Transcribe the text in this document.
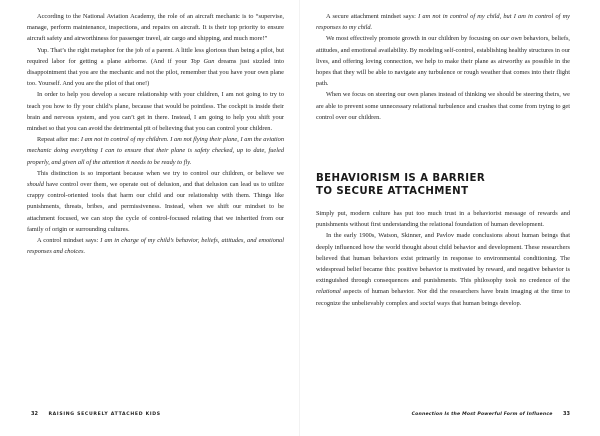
According to the National Aviation Academy, the role of an aircraft mechanic is to “supervise, manage, perform maintenance, inspections, and repairs on aircraft. It is their top priority to ensure aircraft safety and airworthiness for passenger travel, air cargo and shipping, and much more!”

Yup. That’s the right metaphor for the job of a parent. A little less glorious than being a pilot, but required labor for getting a plane airborne. (And if your Top Gun dreams just sizzled into disappointment that you are the mechanic and not the pilot, remember that you have your own plane too. Yourself. And you are the pilot of that one!)

In order to help you develop a secure relationship with your children, I am not going to try to teach you how to fly your child’s plane, because that would be pointless. The cockpit is inside their brain and nervous system, and you can’t get in there. Instead, I am going to help you shift your mindset so that you can avoid the detrimental pit of believing that you can control your children.

Repeat after me: I am not in control of my children. I am not flying their plane, I am the aviation mechanic doing everything I can to ensure that their plane is safety checked, up to date, fueled properly, and given all of the attention it needs to be ready to fly.

This distinction is so important because when we try to control our children, or believe we should have control over them, we operate out of delusion, and that delusion can lead us to utilize crappy control-oriented tools that harm our child and our relationship with them. Things like punishments, threats, bribes, and permissiveness. Instead, when we shift our mindset to be attachment focused, we can stop the cycle of control-focused relating that we inherited from our family of origin or surrounding cultures.

A control mindset says: I am in charge of my child’s behavior, beliefs, attitudes, and emotional responses and choices.

32 RAISING SECURELY ATTACHED KIDS

A secure attachment mindset says: I am not in control of my child, but I am in control of my responses to my child.

We most effectively promote growth in our children by focusing on our own behaviors, beliefs, attitudes, and emotional availability. By modeling self-control, establishing healthy structures in our lives, and offering loving connection, we help to make their plane as airworthy as possible in the hopes that they will be able to navigate any turbulence or rough weather that comes into their flight path.

When we focus on steering our own planes instead of thinking we should be steering theirs, we are able to prevent some unnecessary relational turbulence and crashes that come from trying to get control over our children.

BEHAVIORISM IS A BARRIER
TO SECURE ATTACHMENT

Simply put, modern culture has put too much trust in a behaviorist message of rewards and punishments without first understanding the relational foundation of human development.

In the early 1900s, Watson, Skinner, and Pavlov made conclusions about human beings that deeply influenced how the world thought about child behavior and development. These researchers believed that human behaviors exist primarily in response to environmental conditioning. The widespread belief became this: positive behavior is motivated by reward, and negative behavior is extinguished through consequences and punishments. This philosophy took no credence of the relational aspects of human behavior. Nor did the researchers have brain imaging at the time to recognize the unbelievably complex and social ways that human beings develop.

Connection Is the Most Powerful Form of Influence 33
